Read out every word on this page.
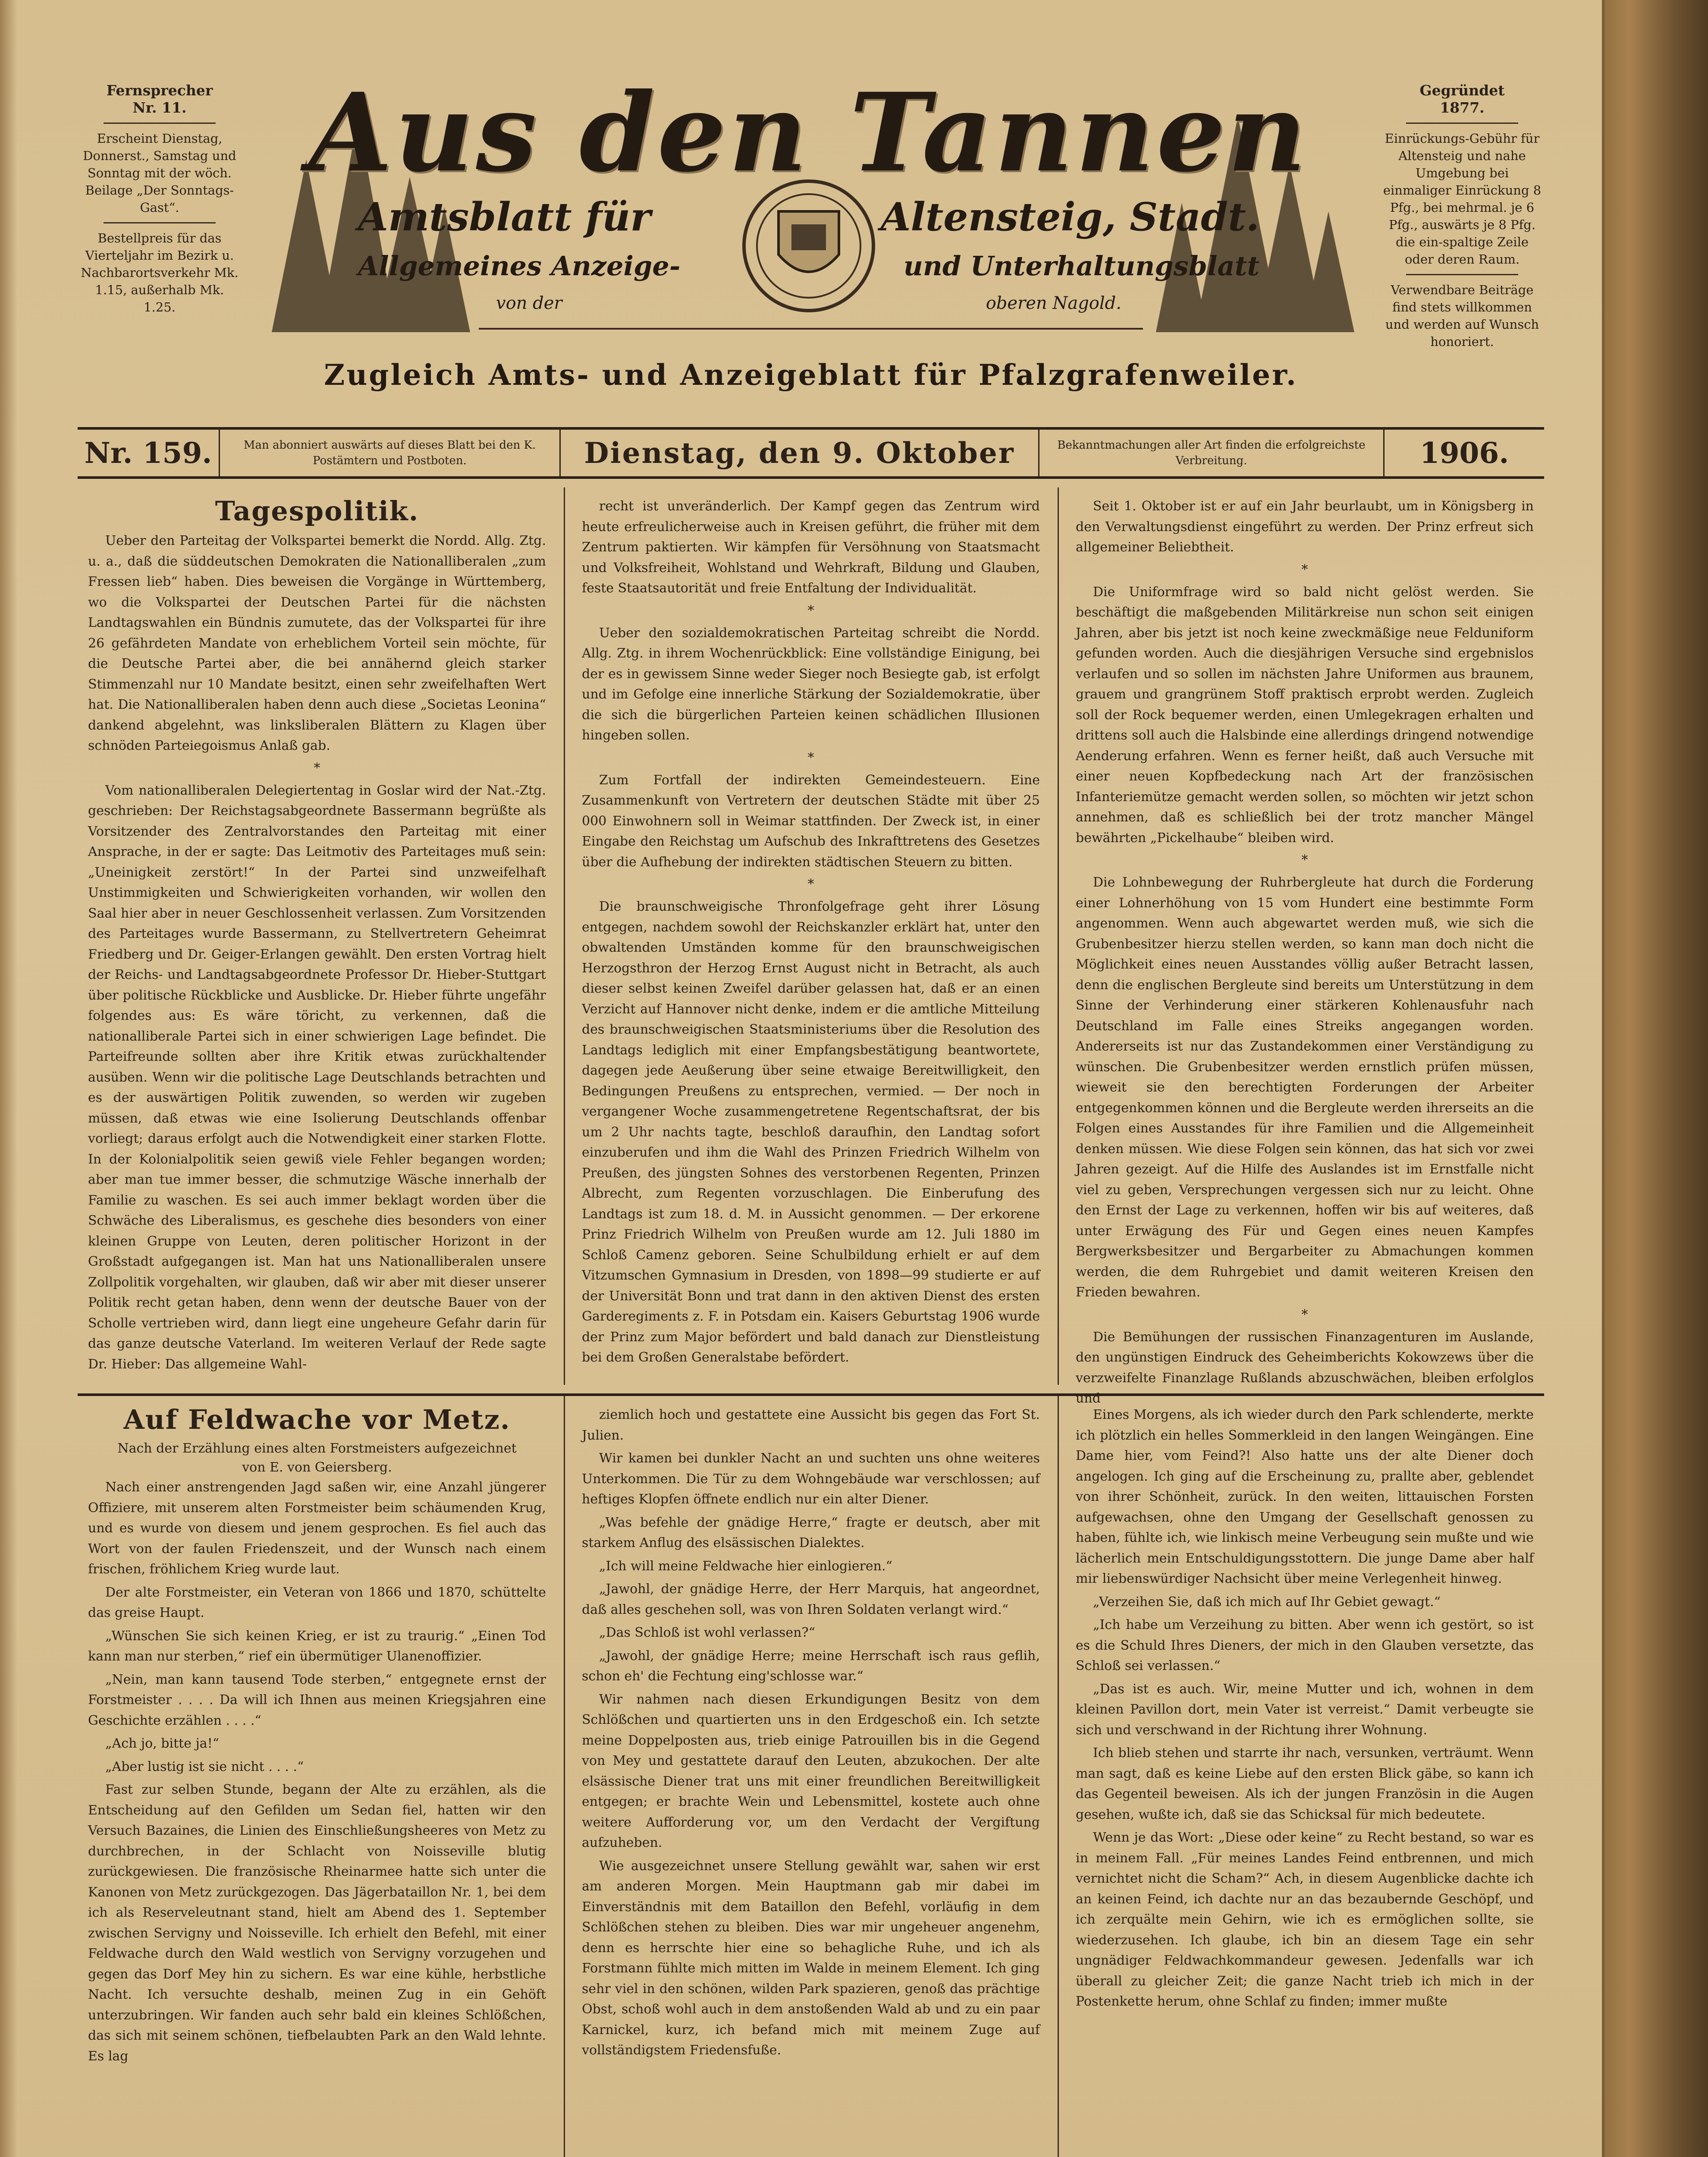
Fernsprecher
Nr. 11.
Erscheint Dienstag, Donnerst., Samstag und Sonntag mit der wöch. Beilage „Der Sonntags-Gast“.
Bestellpreis für das Vierteljahr im Bezirk u. Nachbarortsverkehr Mk. 1.15, außerhalb Mk. 1.25.
Aus den Tannen
Amtsblatt für	Altensteig, Stadt.
Allgemeines Anzeige-	und Unterhaltungsblatt
von der	oberen Nagold.
Gegründet
1877.
Einrückungs-Gebühr für Altensteig und nahe Umgebung bei einmaliger Einrückung 8 Pfg., bei mehrmal. je 6 Pfg., auswärts je 8 Pfg. die ein-spaltige Zeile oder deren Raum.
Verwendbare Beiträge find stets willkommen und werden auf Wunsch honoriert.
Zugleich Amts- und Anzeigeblatt für Pfalzgrafenweiler.
Nr. 159.	Man abonniert auswärts auf dieses Blatt bei den K. Postämtern und Postboten.	Dienstag, den 9. Oktober	Bekanntmachungen aller Art finden die erfolgreichste Verbreitung.	1906.
Tagespolitik.

Ueber den Parteitag der Volkspartei bemerkt die Nordd. Allg. Ztg. u. a., daß die süddeutschen Demokraten die Nationalliberalen „zum Fressen lieb“ haben. Dies beweisen die Vorgänge in Württemberg, wo die Volkspartei der Deutschen Partei für die nächsten Landtagswahlen ein Bündnis zumutete, das der Volkspartei für ihre 26 gefährdeten Mandate von erheblichem Vorteil sein möchte, für die Deutsche Partei aber, die bei annähernd gleich starker Stimmenzahl nur 10 Mandate besitzt, einen sehr zweifelhaften Wert hat. Die Nationalliberalen haben denn auch diese „Societas Leonina“ dankend abgelehnt, was linksliberalen Blättern zu Klagen über schnöden Parteiegoismus Anlaß gab.

*

Vom nationalliberalen Delegiertentag in Goslar wird der Nat.-Ztg. geschrieben: Der Reichstagsabgeordnete Bassermann begrüßte als Vorsitzender des Zentralvorstandes den Parteitag mit einer Ansprache, in der er sagte: Das Leitmotiv des Parteitages muß sein: „Uneinigkeit zerstört!“ In der Partei sind unzweifelhaft Unstimmigkeiten und Schwierigkeiten vorhanden, wir wollen den Saal hier aber in neuer Geschlossenheit verlassen. Zum Vorsitzenden des Parteitages wurde Bassermann, zu Stellvertretern Geheimrat Friedberg und Dr. Geiger-Erlangen gewählt. Den ersten Vortrag hielt der Reichs- und Landtagsabgeordnete Professor Dr. Hieber-Stuttgart über politische Rückblicke und Ausblicke. Dr. Hieber führte ungefähr folgendes aus: Es wäre töricht, zu verkennen, daß die nationalliberale Partei sich in einer schwierigen Lage befindet. Die Parteifreunde sollten aber ihre Kritik etwas zurückhaltender ausüben. Wenn wir die politische Lage Deutschlands betrachten und es der auswärtigen Politik zuwenden, so werden wir zugeben müssen, daß etwas wie eine Isolierung Deutschlands offenbar vorliegt; daraus erfolgt auch die Notwendigkeit einer starken Flotte. In der Kolonialpolitik seien gewiß viele Fehler begangen worden; aber man tue immer besser, die schmutzige Wäsche innerhalb der Familie zu waschen. Es sei auch immer beklagt worden über die Schwäche des Liberalismus, es geschehe dies besonders von einer kleinen Gruppe von Leuten, deren politischer Horizont in der Großstadt aufgegangen ist. Man hat uns Nationalliberalen unsere Zollpolitik vorgehalten, wir glauben, daß wir aber mit dieser unserer Politik recht getan haben, denn wenn der deutsche Bauer von der Scholle vertrieben wird, dann liegt eine ungeheure Gefahr darin für das ganze deutsche Vaterland. Im weiteren Verlauf der Rede sagte Dr. Hieber: Das allgemeine Wahl-

recht ist unveränderlich. Der Kampf gegen das Zentrum wird heute erfreulicherweise auch in Kreisen geführt, die früher mit dem Zentrum paktierten. Wir kämpfen für Versöhnung von Staatsmacht und Volksfreiheit, Wohlstand und Wehrkraft, Bildung und Glauben, feste Staatsautorität und freie Entfaltung der Individualität.

*

Ueber den sozialdemokratischen Parteitag schreibt die Nordd. Allg. Ztg. in ihrem Wochenrückblick: Eine vollständige Einigung, bei der es in gewissem Sinne weder Sieger noch Besiegte gab, ist erfolgt und im Gefolge eine innerliche Stärkung der Sozialdemokratie, über die sich die bürgerlichen Parteien keinen schädlichen Illusionen hingeben sollen.

*

Zum Fortfall der indirekten Gemeindesteuern. Eine Zusammenkunft von Vertretern der deutschen Städte mit über 25 000 Einwohnern soll in Weimar stattfinden. Der Zweck ist, in einer Eingabe den Reichstag um Aufschub des Inkrafttretens des Gesetzes über die Aufhebung der indirekten städtischen Steuern zu bitten.

*

Die braunschweigische Thronfolgefrage geht ihrer Lösung entgegen, nachdem sowohl der Reichskanzler erklärt hat, unter den obwaltenden Umständen komme für den braunschweigischen Herzogsthron der Herzog Ernst August nicht in Betracht, als auch dieser selbst keinen Zweifel darüber gelassen hat, daß er an einen Verzicht auf Hannover nicht denke, indem er die amtliche Mitteilung des braunschweigischen Staatsministeriums über die Resolution des Landtags lediglich mit einer Empfangsbestätigung beantwortete, dagegen jede Aeußerung über seine etwaige Bereitwilligkeit, den Bedingungen Preußens zu entsprechen, vermied. — Der noch in vergangener Woche zusammengetretene Regentschaftsrat, der bis um 2 Uhr nachts tagte, beschloß daraufhin, den Landtag sofort einzuberufen und ihm die Wahl des Prinzen Friedrich Wilhelm von Preußen, des jüngsten Sohnes des verstorbenen Regenten, Prinzen Albrecht, zum Regenten vorzuschlagen. Die Einberufung des Landtags ist zum 18. d. M. in Aussicht genommen. — Der erkorene Prinz Friedrich Wilhelm von Preußen wurde am 12. Juli 1880 im Schloß Camenz geboren. Seine Schulbildung erhielt er auf dem Vitzumschen Gymnasium in Dresden, von 1898—99 studierte er auf der Universität Bonn und trat dann in den aktiven Dienst des ersten Garderegiments z. F. in Potsdam ein. Kaisers Geburtstag 1906 wurde der Prinz zum Major befördert und bald danach zur Dienstleistung bei dem Großen Generalstabe befördert.

Seit 1. Oktober ist er auf ein Jahr beurlaubt, um in Königsberg in den Verwaltungsdienst eingeführt zu werden. Der Prinz erfreut sich allgemeiner Beliebtheit.

*

Die Uniformfrage wird so bald nicht gelöst werden. Sie beschäftigt die maßgebenden Militärkreise nun schon seit einigen Jahren, aber bis jetzt ist noch keine zweckmäßige neue Felduniform gefunden worden. Auch die diesjährigen Versuche sind ergebnislos verlaufen und so sollen im nächsten Jahre Uniformen aus braunem, grauem und grangrünem Stoff praktisch erprobt werden. Zugleich soll der Rock bequemer werden, einen Umlegekragen erhalten und drittens soll auch die Halsbinde eine allerdings dringend notwendige Aenderung erfahren. Wenn es ferner heißt, daß auch Versuche mit einer neuen Kopfbedeckung nach Art der französischen Infanteriemütze gemacht werden sollen, so möchten wir jetzt schon annehmen, daß es schließlich bei der trotz mancher Mängel bewährten „Pickelhaube“ bleiben wird.

*

Die Lohnbewegung der Ruhrbergleute hat durch die Forderung einer Lohnerhöhung von 15 vom Hundert eine bestimmte Form angenommen. Wenn auch abgewartet werden muß, wie sich die Grubenbesitzer hierzu stellen werden, so kann man doch nicht die Möglichkeit eines neuen Ausstandes völlig außer Betracht lassen, denn die englischen Bergleute sind bereits um Unterstützung in dem Sinne der Verhinderung einer stärkeren Kohlenausfuhr nach Deutschland im Falle eines Streiks angegangen worden. Andererseits ist nur das Zustandekommen einer Verständigung zu wünschen. Die Grubenbesitzer werden ernstlich prüfen müssen, wieweit sie den berechtigten Forderungen der Arbeiter entgegenkommen können und die Bergleute werden ihrerseits an die Folgen eines Ausstandes für ihre Familien und die Allgemeinheit denken müssen. Wie diese Folgen sein können, das hat sich vor zwei Jahren gezeigt. Auf die Hilfe des Auslandes ist im Ernstfalle nicht viel zu geben, Versprechungen vergessen sich nur zu leicht. Ohne den Ernst der Lage zu verkennen, hoffen wir bis auf weiteres, daß unter Erwägung des Für und Gegen eines neuen Kampfes Bergwerksbesitzer und Bergarbeiter zu Abmachungen kommen werden, die dem Ruhrgebiet und damit weiteren Kreisen den Frieden bewahren.

*

Die Bemühungen der russischen Finanzagenturen im Auslande, den ungünstigen Eindruck des Geheimberichts Kokowzews über die verzweifelte Finanzlage Rußlands abzuschwächen, bleiben erfolglos und

Auf Feldwache vor Metz.
Nach der Erzählung eines alten Forstmeisters aufgezeichnet
von E. von Geiersberg.

Nach einer anstrengenden Jagd saßen wir, eine Anzahl jüngerer Offiziere, mit unserem alten Forstmeister beim schäumenden Krug, und es wurde von diesem und jenem gesprochen. Es fiel auch das Wort von der faulen Friedenszeit, und der Wunsch nach einem frischen, fröhlichem Krieg wurde laut.

Der alte Forstmeister, ein Veteran von 1866 und 1870, schüttelte das greise Haupt.

„Wünschen Sie sich keinen Krieg, er ist zu traurig.“ „Einen Tod kann man nur sterben,“ rief ein übermütiger Ulanenoffizier.

„Nein, man kann tausend Tode sterben,“ entgegnete ernst der Forstmeister . . . . Da will ich Ihnen aus meinen Kriegsjahren eine Geschichte erzählen . . . .“

„Ach jo, bitte ja!“

„Aber lustig ist sie nicht . . . .“

Fast zur selben Stunde, begann der Alte zu erzählen, als die Entscheidung auf den Gefilden um Sedan fiel, hatten wir den Versuch Bazaines, die Linien des Einschließungsheeres von Metz zu durchbrechen, in der Schlacht von Noisseville blutig zurückgewiesen. Die französische Rheinarmee hatte sich unter die Kanonen von Metz zurückgezogen. Das Jägerbataillon Nr. 1, bei dem ich als Reserveleutnant stand, hielt am Abend des 1. September zwischen Servigny und Noisseville. Ich erhielt den Befehl, mit einer Feldwache durch den Wald westlich von Servigny vorzugehen und gegen das Dorf Mey hin zu sichern. Es war eine kühle, herbstliche Nacht. Ich versuchte deshalb, meinen Zug in ein Gehöft unterzubringen. Wir fanden auch sehr bald ein kleines Schlößchen, das sich mit seinem schönen, tiefbelaubten Park an den Wald lehnte. Es lag

ziemlich hoch und gestattete eine Aussicht bis gegen das Fort St. Julien.

Wir kamen bei dunkler Nacht an und suchten uns ohne weiteres Unterkommen. Die Tür zu dem Wohngebäude war verschlossen; auf heftiges Klopfen öffnete endlich nur ein alter Diener.

„Was befehle der gnädige Herre,“ fragte er deutsch, aber mit starkem Anflug des elsässischen Dialektes.

„Ich will meine Feldwache hier einlogieren.“

„Jawohl, der gnädige Herre, der Herr Marquis, hat angeordnet, daß alles geschehen soll, was von Ihren Soldaten verlangt wird.“

„Das Schloß ist wohl verlassen?“

„Jawohl, der gnädige Herre; meine Herrschaft isch raus geflih, schon eh' die Fechtung eing'schlosse war.“

Wir nahmen nach diesen Erkundigungen Besitz von dem Schlößchen und quartierten uns in den Erdgeschoß ein. Ich setzte meine Doppelposten aus, trieb einige Patrouillen bis in die Gegend von Mey und gestattete darauf den Leuten, abzukochen. Der alte elsässische Diener trat uns mit einer freundlichen Bereitwilligkeit entgegen; er brachte Wein und Lebensmittel, kostete auch ohne weitere Aufforderung vor, um den Verdacht der Vergiftung aufzuheben.

Wie ausgezeichnet unsere Stellung gewählt war, sahen wir erst am anderen Morgen. Mein Hauptmann gab mir dabei im Einverständnis mit dem Bataillon den Befehl, vorläufig in dem Schlößchen stehen zu bleiben. Dies war mir ungeheuer angenehm, denn es herrschte hier eine so behagliche Ruhe, und ich als Forstmann fühlte mich mitten im Walde in meinem Element. Ich ging sehr viel in den schönen, wilden Park spazieren, genoß das prächtige Obst, schoß wohl auch in dem anstoßenden Wald ab und zu ein paar Karnickel, kurz, ich befand mich mit meinem Zuge auf vollständigstem Friedensfuße.

Eines Morgens, als ich wieder durch den Park schlenderte, merkte ich plötzlich ein helles Sommerkleid in den langen Weingängen. Eine Dame hier, vom Feind?! Also hatte uns der alte Diener doch angelogen. Ich ging auf die Erscheinung zu, prallte aber, geblendet von ihrer Schönheit, zurück. In den weiten, littauischen Forsten aufgewachsen, ohne den Umgang der Gesellschaft genossen zu haben, fühlte ich, wie linkisch meine Verbeugung sein mußte und wie lächerlich mein Entschuldigungsstottern. Die junge Dame aber half mir liebenswürdiger Nachsicht über meine Verlegenheit hinweg.

„Verzeihen Sie, daß ich mich auf Ihr Gebiet gewagt.“

„Ich habe um Verzeihung zu bitten. Aber wenn ich gestört, so ist es die Schuld Ihres Dieners, der mich in den Glauben versetzte, das Schloß sei verlassen.“

„Das ist es auch. Wir, meine Mutter und ich, wohnen in dem kleinen Pavillon dort, mein Vater ist verreist.“ Damit verbeugte sie sich und verschwand in der Richtung ihrer Wohnung.

Ich blieb stehen und starrte ihr nach, versunken, verträumt. Wenn man sagt, daß es keine Liebe auf den ersten Blick gäbe, so kann ich das Gegenteil beweisen. Als ich der jungen Französin in die Augen gesehen, wußte ich, daß sie das Schicksal für mich bedeutete.

Wenn je das Wort: „Diese oder keine“ zu Recht bestand, so war es in meinem Fall. „Für meines Landes Feind entbrennen, und mich vernichtet nicht die Scham?“ Ach, in diesem Augenblicke dachte ich an keinen Feind, ich dachte nur an das bezaubernde Geschöpf, und ich zerquälte mein Gehirn, wie ich es ermöglichen sollte, sie wiederzusehen. Ich glaube, ich bin an diesem Tage ein sehr ungnädiger Feldwachkommandeur gewesen. Jedenfalls war ich überall zu gleicher Zeit; die ganze Nacht trieb ich mich in der Postenkette herum, ohne Schlaf zu finden; immer mußte
